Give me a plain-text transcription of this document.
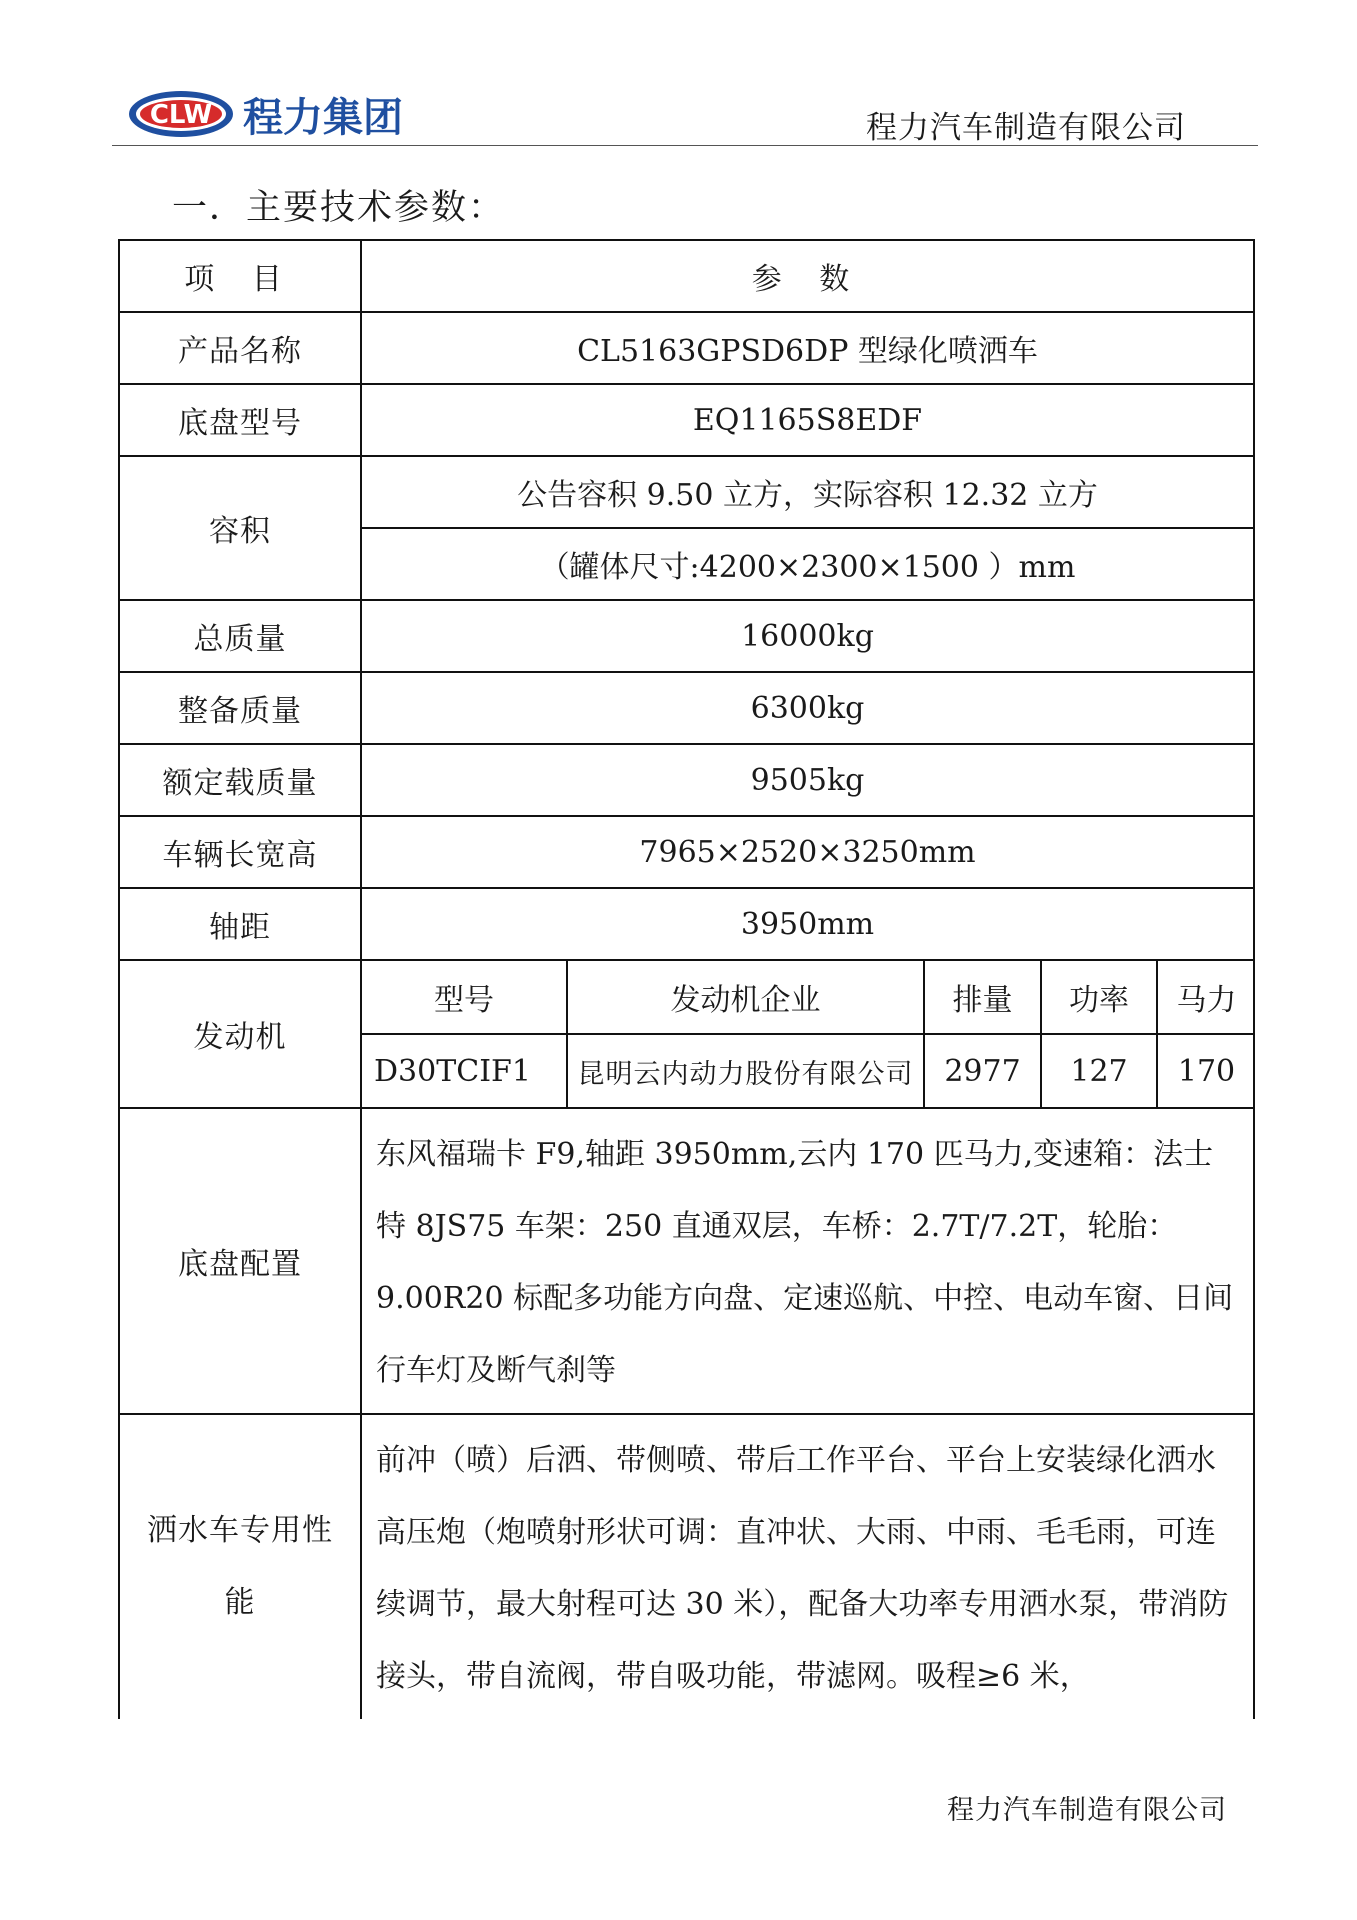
CLW 程力集团	程力汽车制造有限公司
一．主要技术参数：
项 目	参 数
产品名称	CL5163GPSD6DP 型绿化喷洒车
底盘型号	EQ1165S8EDF
容积	公告容积 9.50 立方，实际容积 12.32 立方
（罐体尺寸:4200×2300×1500 ）mm
总质量	16000kg
整备质量	6300kg
额定载质量	9505kg
车辆长宽高	7965×2520×3250mm
轴距	3950mm
发动机	
型号	发动机企业	排量	功率	马力
D30TCIF1	昆明云内动力股份有限公司	2977	127	170

底盘配置	东风福瑞卡 F9,轴距 3950mm,云内 170 匹马力,变速箱：法士特 8JS75 车架：250 直通双层，车桥：2.7T/7.2T，轮胎：9.00R20 标配多功能方向盘、定速巡航、中控、电动车窗、日间行车灯及断气刹等
洒水车专用性能	前冲（喷）后洒、带侧喷、带后工作平台、平台上安装绿化洒水高压炮（炮喷射形状可调：直冲状、大雨、中雨、毛毛雨，可连续调节，最大射程可达 30 米），配备大功率专用洒水泵，带消防接头，带自流阀，带自吸功能，带滤网。吸程≥6 米，
程力汽车制造有限公司
